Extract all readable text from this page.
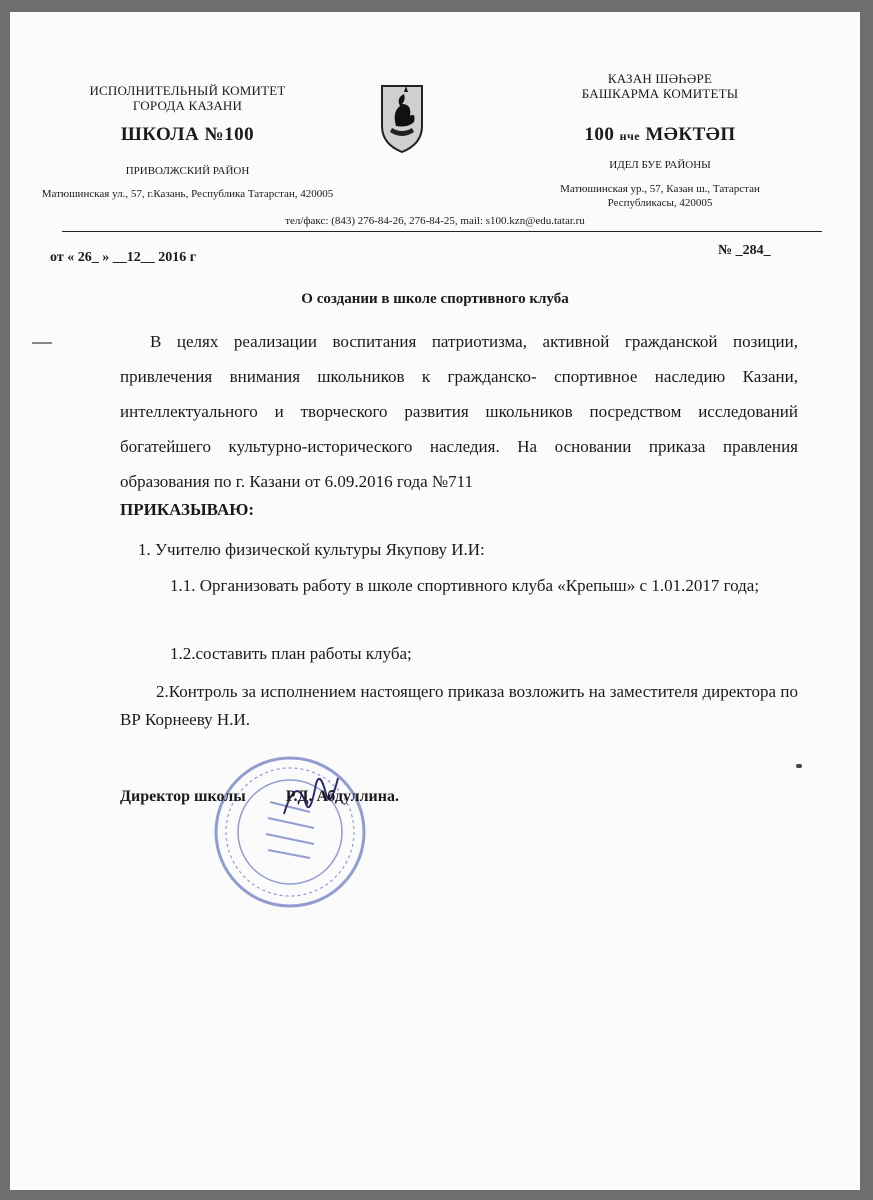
ИСПОЛНИТЕЛЬНЫЙ КОМИТЕТ
ГОРОДА КАЗАНИ
ШКОЛА №100
ПРИВОЛЖСКИЙ РАЙОН
Матюшинская ул., 57, г.Казань, Республика Татарстан, 420005
КАЗАН ШӘҺӘРЕ
БАШКАРМА КОМИТЕТЫ
100 нче МӘКТӘП
ИДЕЛ БУЕ РАЙОНЫ
Матюшинская ур., 57, Казан ш., Татарстан
Республикасы, 420005
тел/факс: (843) 276-84-26, 276-84-25, mail: s100.kzn@edu.tatar.ru
от « 26_ » __12__ 2016 г	№ _284_
О создании в школе спортивного клуба
В целях реализации воспитания патриотизма, активной гражданской позиции, привлечения внимания школьников к гражданско- спортивное наследию Казани, интеллектуального и творческого развития школьников посредством исследований богатейшего культурно-исторического наследия. На основании приказа правления образования по г. Казани от 6.09.2016 года №711
ПРИКАЗЫВАЮ:
1. Учителю физической культуры Якупову И.И:
1.1. Организовать работу в школе спортивного клуба «Крепыш» с 1.01.2017 года;
1.2.составить план работы клуба;
2.Контроль за исполнением настоящего приказа возложить на заместителя директора по ВР Корнееву Н.И.
Директор школы	Р.Д. Абдуллина.
